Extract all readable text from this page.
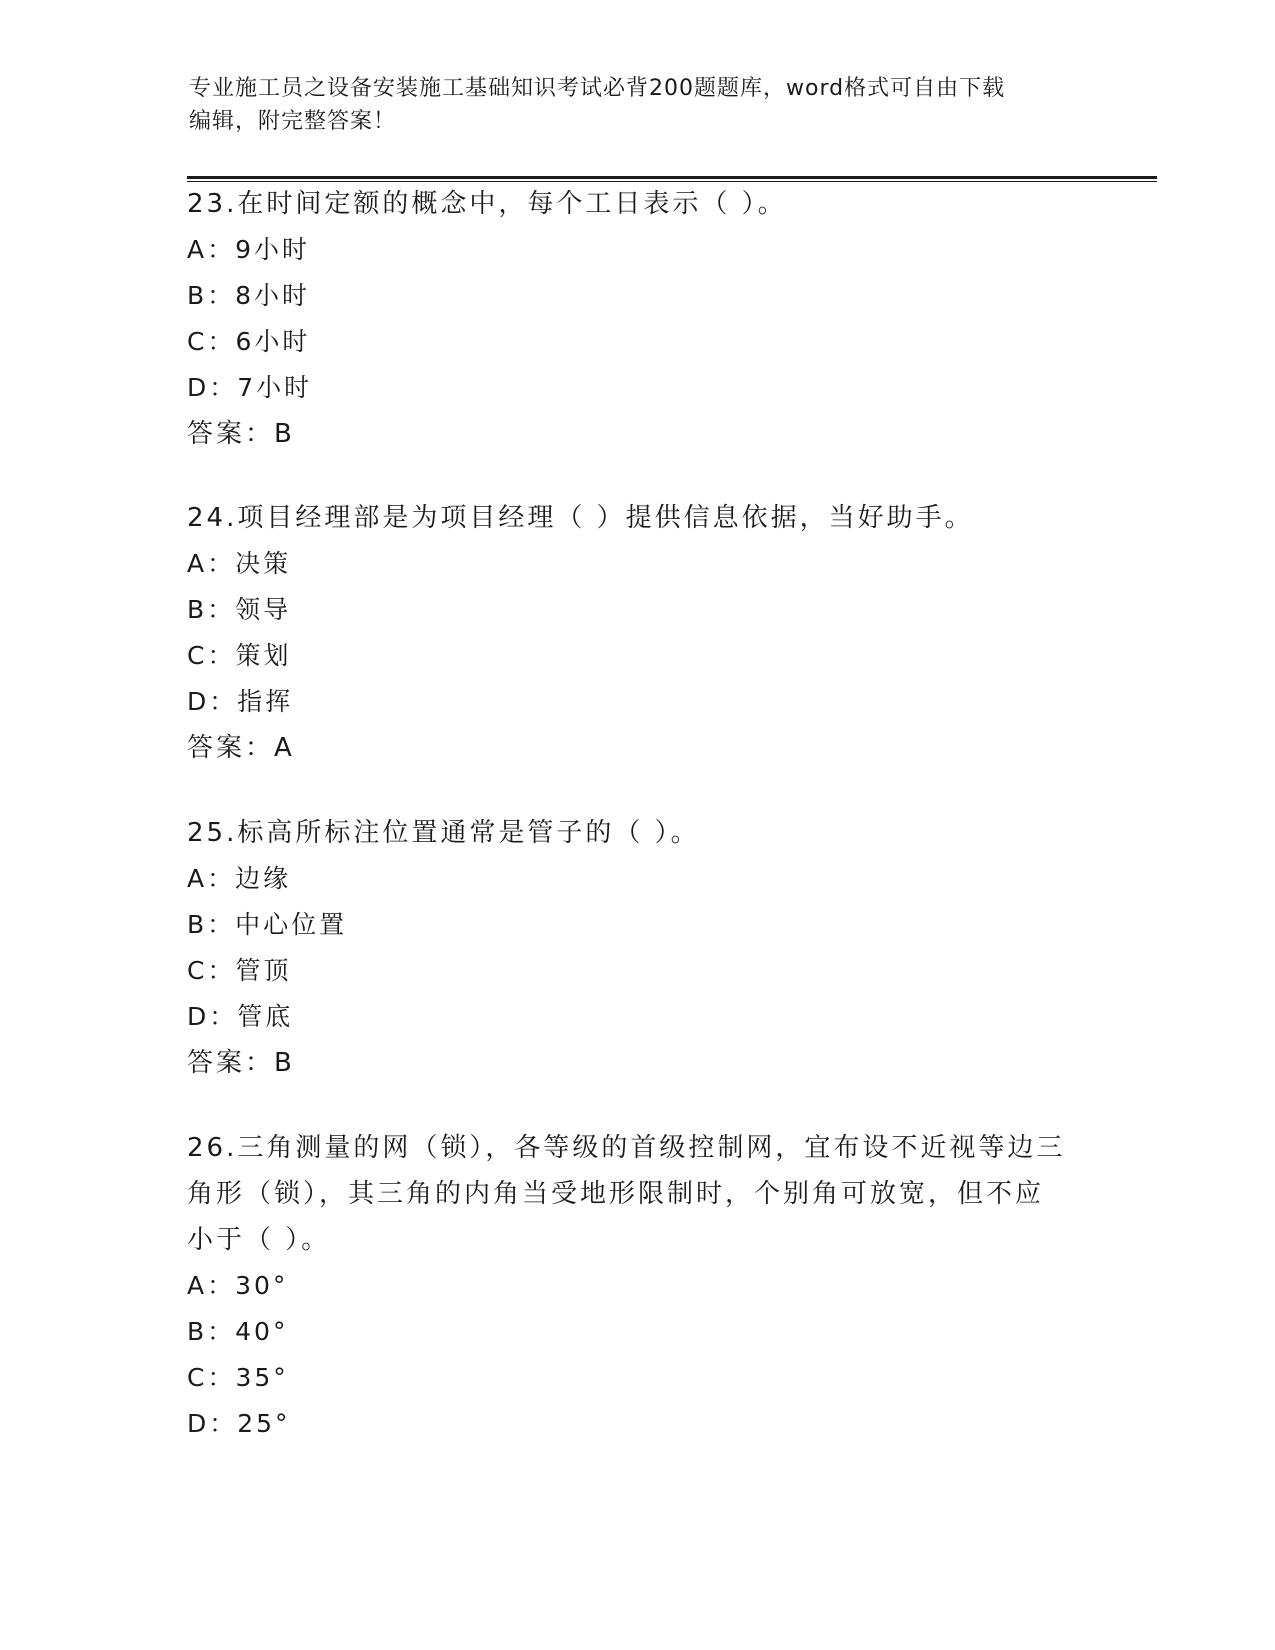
专业施工员之设备安装施工基础知识考试必背200题题库，word格式可自由下载
编辑，附完整答案！

23.在时间定额的概念中，每个工日表示（ ）。

A：9小时

B：8小时

C：6小时

D：7小时

答案：B

24.项目经理部是为项目经理（ ）提供信息依据，当好助手。

A：决策

B：领导

C：策划

D：指挥

答案：A

25.标高所标注位置通常是管子的（ ）。

A：边缘

B：中心位置

C：管顶

D：管底

答案：B

26.三角测量的网（锁），各等级的首级控制网，宜布设不近视等边三

角形（锁），其三角的内角当受地形限制时，个别角可放宽，但不应

小于（ ）。

A：30°

B：40°

C：35°

D：25°
